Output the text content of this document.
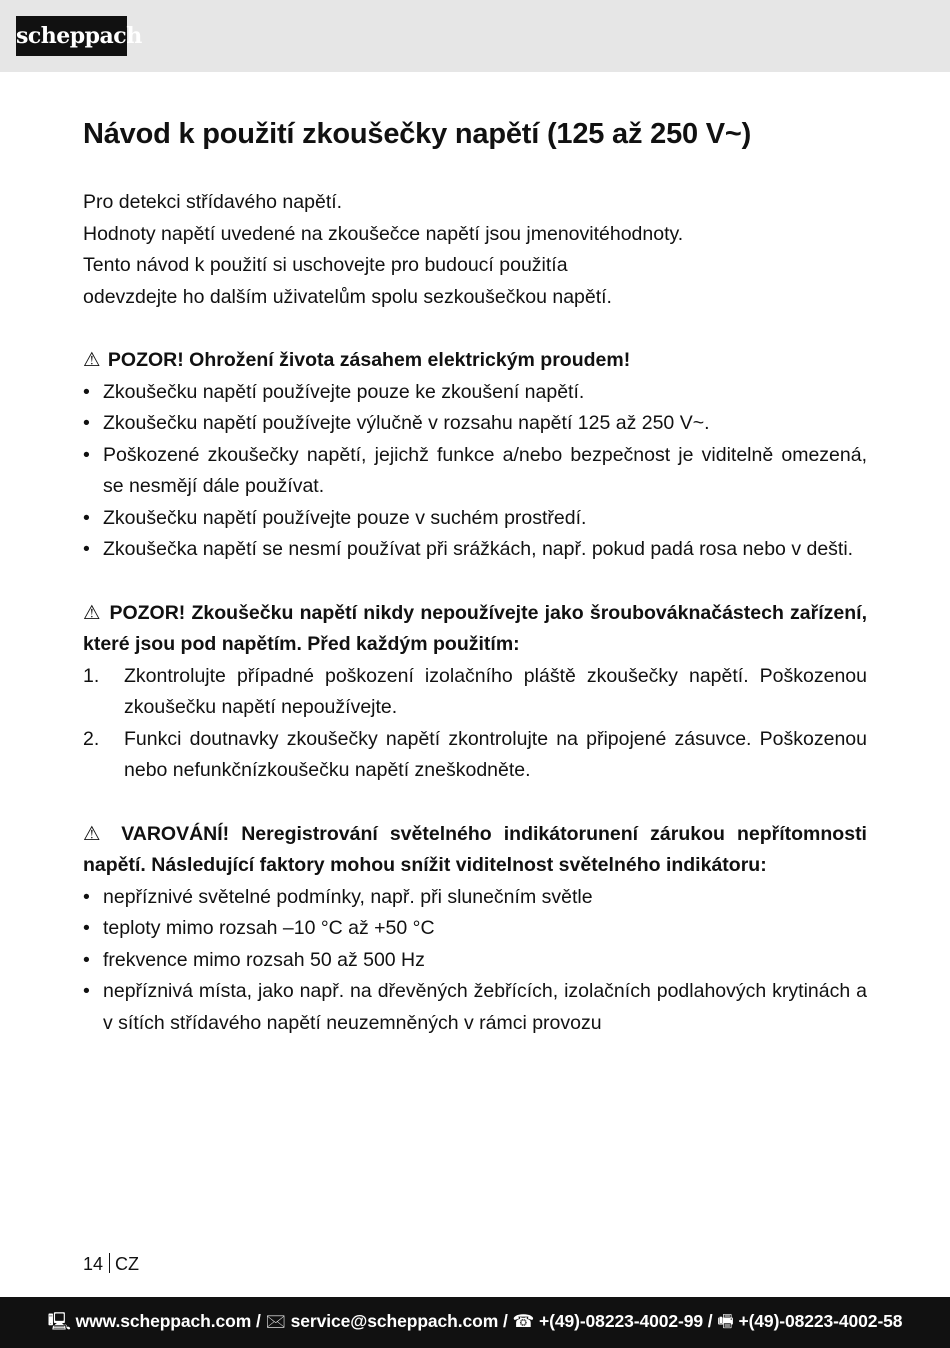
scheppach
Návod k použití zkoušečky napětí (125 až 250 V~)
Pro detekci střídavého napětí.
Hodnoty napětí uvedené na zkoušečce napětí jsou jmenovitéhodnoty.
Tento návod k použití si uschovejte pro budoucí použitía
odevzdejte ho dalším uživatelům spolu sezkoušečkou napětí.
⚠ POZOR! Ohrožení života zásahem elektrickým proudem!
• Zkoušečku napětí používejte pouze ke zkoušení napětí.
• Zkoušečku napětí používejte výlučně v rozsahu napětí 125 až 250 V~.
• Poškozené zkoušečky napětí, jejichž funkce a/nebo bezpečnost je viditelně omezená, se nesmějí dále používat.
• Zkoušečku napětí používejte pouze v suchém prostředí.
• Zkoušečka napětí se nesmí používat při srážkách, např. pokud padá rosa nebo v dešti.
⚠ POZOR! Zkoušečku napětí nikdy nepoužívejte jako šroubováknačástech zařízení, které jsou pod napětím. Před každým použitím:
1. Zkontrolujte případné poškození izolačního pláště zkoušečky napětí. Poškozenou zkoušečku napětí nepoužívejte.
2. Funkci doutnavky zkoušečky napětí zkontrolujte na připojené zásuvce. Poškozenou nebo nefunkčnízkoušečku napětí zneškodněte.
⚠ VAROVÁNÍ! Neregistrování světelného indikátorunení zárukou nepřítomnosti napětí. Následující faktory mohou snížit viditelnost světelného indikátoru:
• nepříznivé světelné podmínky, např. při slunečním světle
• teploty mimo rozsah –10 °C až +50 °C
• frekvence mimo rozsah 50 až 500 Hz
• nepříznivá místa, jako např. na dřevěných žebřících, izolačních podlahových krytinách a v sítích střídavého napětí neuzemněných v rámci provozu
14 CZ
🖳 www.scheppach.com / 🖂 service@scheppach.com / ☎ +(49)-08223-4002-99 / 🖷 +(49)-08223-4002-58
